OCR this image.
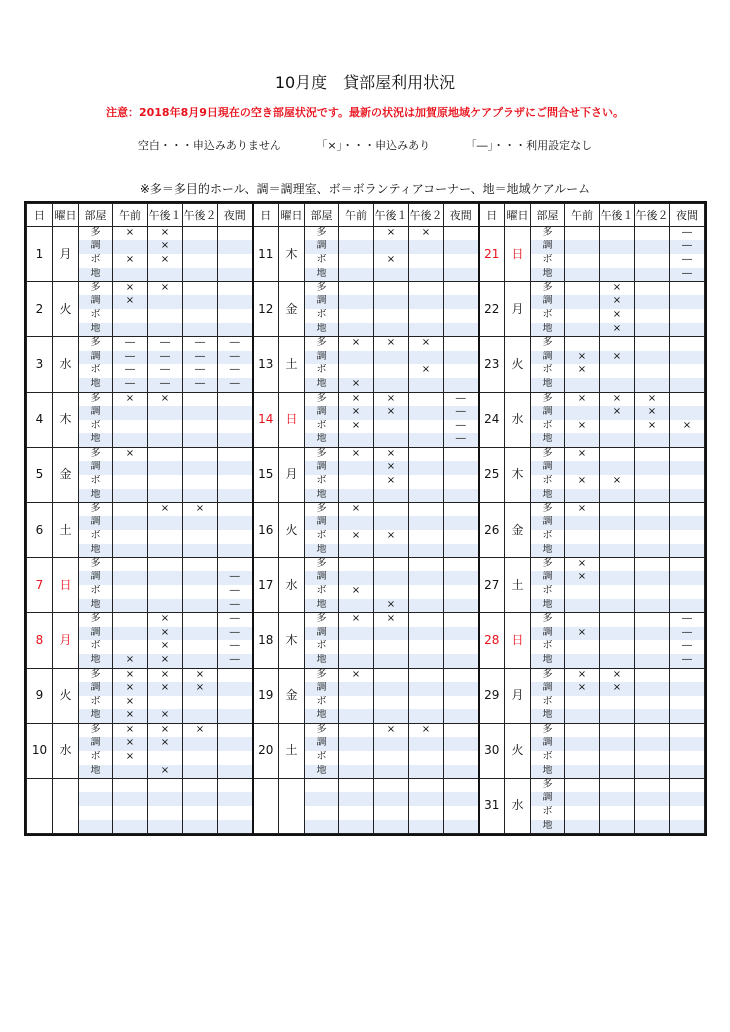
10月度　貸部屋利用状況
注意：2018年8月9日現在の空き部屋状況です。最新の状況は加賀原地域ケアプラザにご問合せ下さい。
空白・・・申込みありません	「×」・・・申込みあり	「―」・・・利用設定なし
※多＝多目的ホール、調＝調理室、ボ＝ボランティアコーナー、地＝地域ケアルーム
日	曜日	部屋	午前	午後１	午後２	夜間	日	曜日	部屋	午前	午後１	午後２	夜間	日	曜日	部屋	午前	午後１	午後２	夜間
1	月	多	×	×			11	木	多		×	×		21	日	多				―
		調		×					調							調				―
		ボ	×	×					ボ		×					ボ				―
		地							地							地				―
2	火	多	×	×			12	金	多					22	月	多		×		
		調	×						調							調		×		
		ボ							ボ							ボ		×		
		地							地							地		×		
3	水	多	―	―	―	―	13	土	多	×	×	×		23	火	多				
		調	―	―	―	―			調							調	×	×		
		ボ	―	―	―	―			ボ			×				ボ	×			
		地	―	―	―	―			地	×						地				
4	木	多	×	×			14	日	多	×	×		―	24	水	多	×	×	×	
		調							調	×	×		―			調		×	×	
		ボ							ボ	×			―			ボ	×		×	×
		地							地				―			地				
5	金	多	×				15	月	多	×	×			25	木	多	×			
		調							調		×					調				
		ボ							ボ		×					ボ	×	×		
		地							地							地				
6	土	多		×	×		16	火	多	×				26	金	多	×			
		調							調							調				
		ボ							ボ	×	×					ボ				
		地							地							地				
7	日	多					17	水	多					27	土	多	×			
		調				―			調							調	×			
		ボ				―			ボ	×						ボ				
		地				―			地		×					地				
8	月	多		×		―	18	木	多	×	×			28	日	多				―
		調		×		―			調							調	×			―
		ボ		×		―			ボ							ボ				―
		地	×	×		―			地							地				―
9	火	多	×	×	×		19	金	多	×				29	月	多	×	×		
		調	×	×	×				調							調	×	×		
		ボ	×						ボ							ボ				
		地	×	×					地							地				
10	水	多	×	×	×		20	土	多		×	×		30	火	多				
		調	×	×					調							調				
		ボ	×						ボ							ボ				
		地		×					地							地				
														31	水	多				
																調				
																ボ				
																地				
